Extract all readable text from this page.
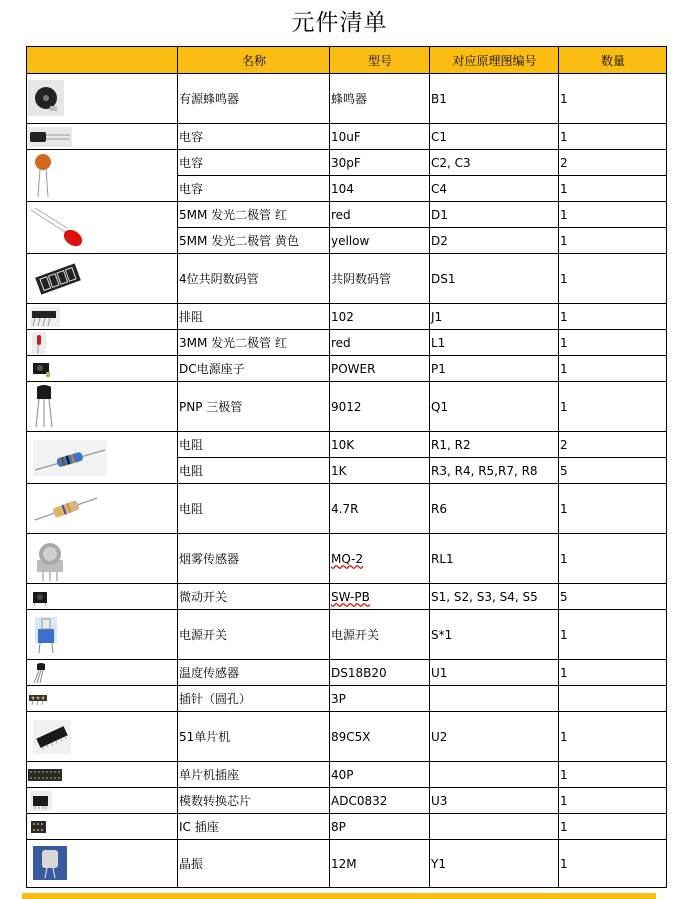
元件清单
	名称	型号	对应原理图编号	数量

	有源蜂鸣器	蜂鸣器	B1	1

	电容	10uF	C1	1

	电容	30pF	C2, C3	2
	电容	104	C4	1

	5MM 发光二极管 红	red	D1	1
	5MM 发光二极管 黄色	yellow	D2	1

	4位共阴数码管	共阴数码管	DS1	1

	排阻	102	J1	1

	3MM 发光二极管 红	red	L1	1

	DC电源座子	POWER	P1	1

	PNP 三极管	9012	Q1	1

	电阻	10K	R1, R2	2
	电阻	1K	R3, R4, R5,R7, R8	5

	电阻	4.7R	R6	1

	烟雾传感器	MQ-2	RL1	1

	微动开关	SW-PB	S1, S2, S3, S4, S5	5

	电源开关	电源开关	S*1	1

	温度传感器	DS18B20	U1	1

	插针（圆孔）	3P		

	51单片机	89C5X	U2	1

	单片机插座	40P		1

	模数转换芯片	ADC0832	U3	1

	IC 插座	8P		1

	晶振	12M	Y1	1
